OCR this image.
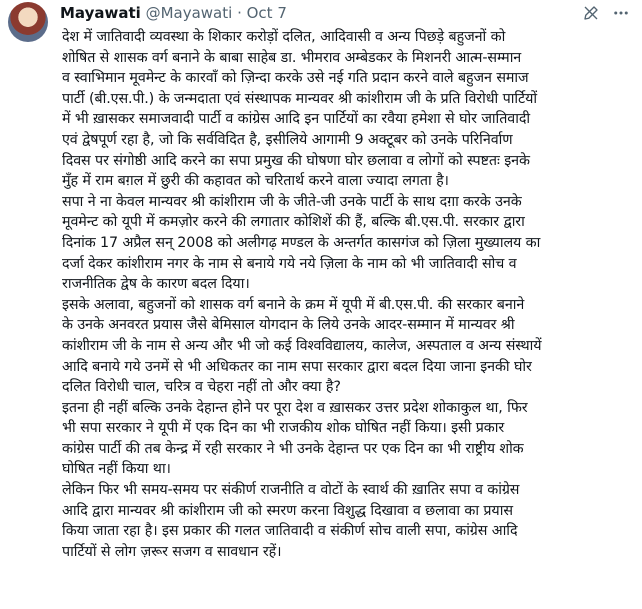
Mayawati @Mayawati · Oct 7

देश में जातिवादी व्यवस्था के शिकार करोड़ों दलित, आदिवासी व अन्य पिछड़े बहुजनों को

शोषित से शासक वर्ग बनाने के बाबा साहेब डा. भीमराव अम्बेडकर के मिशनरी आत्म-सम्मान

व स्वाभिमान मूवमेन्ट के कारवाँ को ज़िन्दा करके उसे नई गति प्रदान करने वाले बहुजन समाज

पार्टी (बी.एस.पी.) के जन्मदाता एवं संस्थापक मान्यवर श्री कांशीराम जी के प्रति विरोधी पार्टियों

में भी ख़ासकर समाजवादी पार्टी व कांग्रेस आदि इन पार्टियों का रवैया हमेशा से घोर जातिवादी

एवं द्वेषपूर्ण रहा है, जो कि सर्वविदित है, इसीलिये आगामी 9 अक्टूबर को उनके परिनिर्वाण

दिवस पर संगोष्ठी आदि करने का सपा प्रमुख की घोषणा घोर छलावा व लोगों को स्पष्टतः इनके

मुँह में राम बग़ल में छुरी की कहावत को चरितार्थ करने वाला ज्यादा लगता है।

सपा ने ना केवल मान्यवर श्री कांशीराम जी के जीते-जी उनके पार्टी के साथ दग़ा करके उनके

मूवमेन्ट को यूपी में कमज़ोर करने की लगातार कोशिशें की हैं, बल्कि बी.एस.पी. सरकार द्वारा

दिनांक 17 अप्रैल सन् 2008 को अलीगढ़ मण्डल के अन्तर्गत कासगंज को ज़िला मुख्यालय का

दर्जा देकर कांशीराम नगर के नाम से बनाये गये नये ज़िला के नाम को भी जातिवादी सोच व

राजनीतिक द्वेष के कारण बदल दिया।

इसके अलावा, बहुजनों को शासक वर्ग बनाने के क्रम में यूपी में बी.एस.पी. की सरकार बनाने

के उनके अनवरत प्रयास जैसे बेमिसाल योगदान के लिये उनके आदर-सम्मान में मान्यवर श्री

कांशीराम जी के नाम से अन्य और भी जो कई विश्वविद्यालय, कालेज, अस्पताल व अन्य संस्थायें

आदि बनाये गये उनमें से भी अधिकतर का नाम सपा सरकार द्वारा बदल दिया जाना इनकी घोर

दलित विरोधी चाल, चरित्र व चेहरा नहीं तो और क्या है?

इतना ही नहीं बल्कि उनके देहान्त होने पर पूरा देश व ख़ासकर उत्तर प्रदेश शोकाकुल था, फिर

भी सपा सरकार ने यूपी में एक दिन का भी राजकीय शोक घोषित नहीं किया। इसी प्रकार

कांग्रेस पार्टी की तब केन्द्र में रही सरकार ने भी उनके देहान्त पर एक दिन का भी राष्ट्रीय शोक

घोषित नहीं किया था।

लेकिन फिर भी समय-समय पर संकीर्ण राजनीति व वोटों के स्वार्थ की ख़ातिर सपा व कांग्रेस

आदि द्वारा मान्यवर श्री कांशीराम जी को स्मरण करना विशुद्ध दिखावा व छलावा का प्रयास

किया जाता रहा है। इस प्रकार की गलत जातिवादी व संकीर्ण सोच वाली सपा, कांग्रेस आदि

पार्टियों से लोग ज़रूर सजग व सावधान रहें।
